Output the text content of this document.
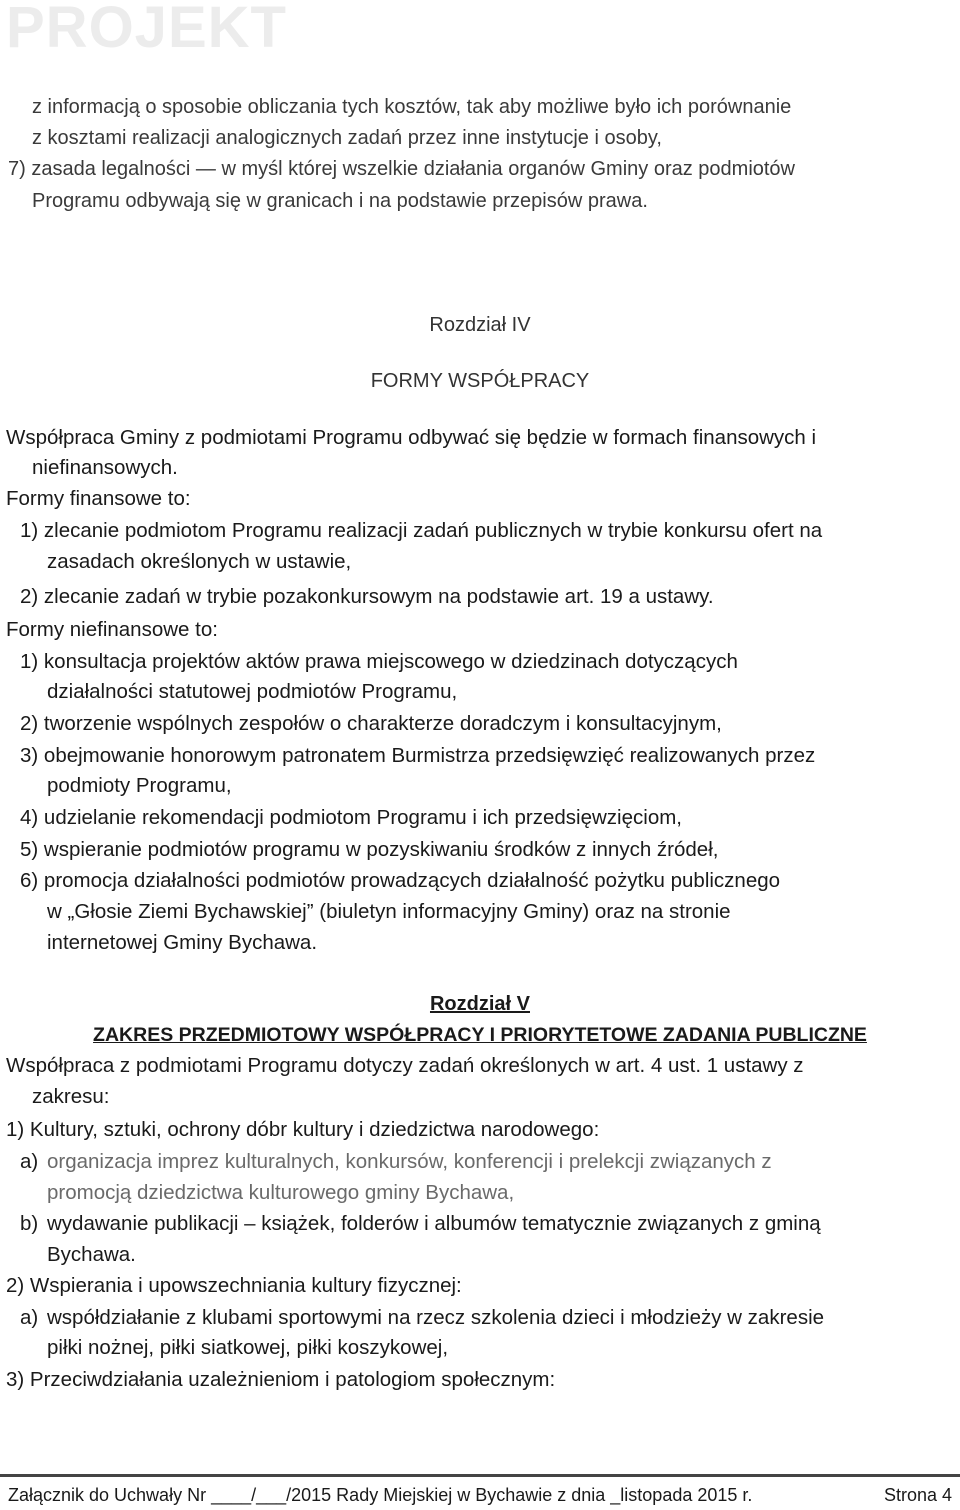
PROJEKT
z informacją o sposobie obliczania tych kosztów, tak aby możliwe było ich porównanie
z kosztami realizacji analogicznych zadań przez inne instytucje i osoby,
7) zasada legalności — w myśl której wszelkie działania organów Gminy oraz podmiotów
Programu odbywają się w granicach i na podstawie przepisów prawa.
Rozdział IV
FORMY WSPÓŁPRACY
Współpraca Gminy z podmiotami Programu odbywać się będzie w formach finansowych i
niefinansowych.
Formy finansowe to:
1) zlecanie podmiotom Programu realizacji zadań publicznych w trybie konkursu ofert na
zasadach określonych w ustawie,
2) zlecanie zadań w trybie pozakonkursowym na podstawie art. 19 a ustawy.
Formy niefinansowe to:
1) konsultacja projektów aktów prawa miejscowego w dziedzinach dotyczących
działalności statutowej podmiotów Programu,
2) tworzenie wspólnych zespołów o charakterze doradczym i konsultacyjnym,
3) obejmowanie honorowym patronatem Burmistrza przedsięwzięć realizowanych przez
podmioty Programu,
4) udzielanie rekomendacji podmiotom Programu i ich przedsięwzięciom,
5) wspieranie podmiotów programu w pozyskiwaniu środków z innych źródeł,
6) promocja działalności podmiotów prowadzących działalność pożytku publicznego
w „Głosie Ziemi Bychawskiej” (biuletyn informacyjny Gminy) oraz na stronie
internetowej Gminy Bychawa.
Rozdział V
ZAKRES PRZEDMIOTOWY WSPÓŁPRACY I PRIORYTETOWE ZADANIA PUBLICZNE
Współpraca z podmiotami Programu dotyczy zadań określonych w art. 4 ust. 1 ustawy z
zakresu:
1) Kultury, sztuki, ochrony dóbr kultury i dziedzictwa narodowego:
a) organizacja imprez kulturalnych, konkursów, konferencji i prelekcji związanych z
promocją dziedzictwa kulturowego gminy Bychawa,
b) wydawanie publikacji – książek, folderów i albumów tematycznie związanych z gminą
Bychawa.
2) Wspierania i upowszechniania kultury fizycznej:
a) współdziałanie z klubami sportowymi na rzecz szkolenia dzieci i młodzieży w zakresie
piłki nożnej, piłki siatkowej, piłki koszykowej,
3) Przeciwdziałania uzależnieniom i patologiom społecznym:
Załącznik do Uchwały Nr ____/___/2015 Rady Miejskiej w Bychawie z dnia _listopada 2015 r.	Strona 4
